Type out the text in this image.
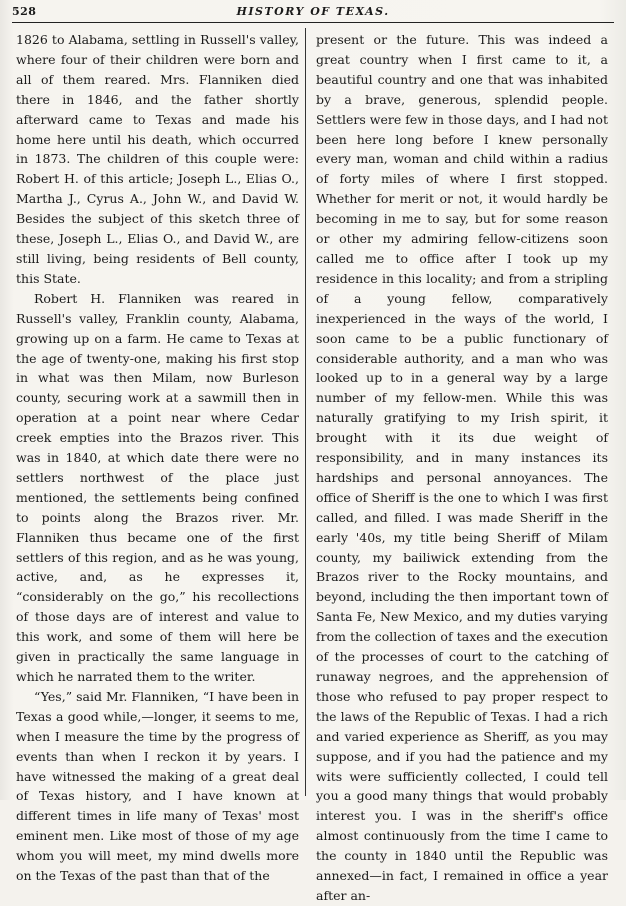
528	HISTORY OF TEXAS.

1826 to Alabama, settling in Russell's valley, where four of their children were born and all of them reared. Mrs. Flanniken died there in 1846, and the father shortly afterward came to Texas and made his home here until his death, which occurred in 1873. The children of this couple were: Robert H. of this article; Joseph L., Elias O., Martha J., Cyrus A., John W., and David W. Besides the subject of this sketch three of these, Joseph L., Elias O., and David W., are still living, being residents of Bell county, this State.

Robert H. Flanniken was reared in Russell's valley, Franklin county, Alabama, growing up on a farm. He came to Texas at the age of twenty-one, making his first stop in what was then Milam, now Burleson county, securing work at a sawmill then in operation at a point near where Cedar creek empties into the Brazos river. This was in 1840, at which date there were no settlers northwest of the place just mentioned, the settlements being confined to points along the Brazos river. Mr. Flanniken thus became one of the first settlers of this region, and as he was young, active, and, as he expresses it, “considerably on the go,” his recollections of those days are of interest and value to this work, and some of them will here be given in practically the same language in which he narrated them to the writer.

“Yes,” said Mr. Flanniken, “I have been in Texas a good while,—longer, it seems to me, when I measure the time by the progress of events than when I reckon it by years. I have witnessed the making of a great deal of Texas history, and I have known at different times in life many of Texas' most eminent men. Like most of those of my age whom you will meet, my mind dwells more on the Texas of the past than that of the

present or the future. This was indeed a great country when I first came to it, a beautiful country and one that was inhabited by a brave, generous, splendid people. Settlers were few in those days, and I had not been here long before I knew personally every man, woman and child within a radius of forty miles of where I first stopped. Whether for merit or not, it would hardly be becoming in me to say, but for some reason or other my admiring fellow-citizens soon called me to office after I took up my residence in this locality; and from a stripling of a young fellow, comparatively inexperienced in the ways of the world, I soon came to be a public functionary of considerable authority, and a man who was looked up to in a general way by a large number of my fellow-men. While this was naturally gratifying to my Irish spirit, it brought with it its due weight of responsibility, and in many instances its hardships and personal annoyances. The office of Sheriff is the one to which I was first called, and filled. I was made Sheriff in the early '40s, my title being Sheriff of Milam county, my bailiwick extending from the Brazos river to the Rocky mountains, and beyond, including the then important town of Santa Fe, New Mexico, and my duties varying from the collection of taxes and the execution of the processes of court to the catching of runaway negroes, and the apprehension of those who refused to pay proper respect to the laws of the Republic of Texas. I had a rich and varied experience as Sheriff, as you may suppose, and if you had the patience and my wits were sufficiently collected, I could tell you a good many things that would probably interest you. I was in the sheriff's office almost continuously from the time I came to the county in 1840 until the Republic was annexed—in fact, I remained in office a year after an-
